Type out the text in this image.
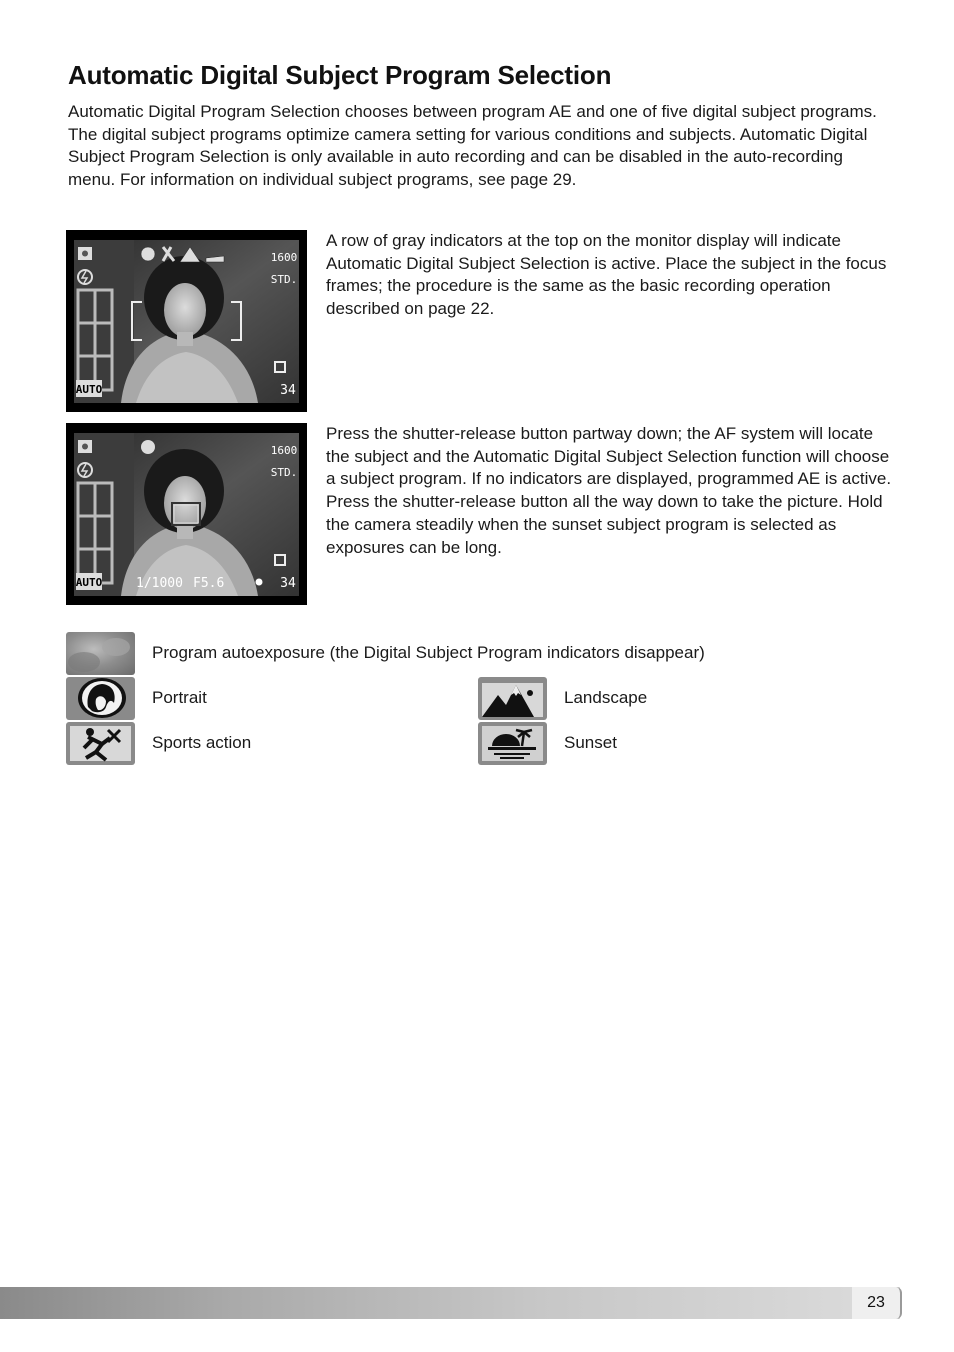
Automatic Digital Subject Program Selection

Automatic Digital Program Selection chooses between program AE and one of five digital subject programs. The digital subject programs optimize camera setting for various conditions and subjects. Automatic Digital Subject Program Selection is only available in auto recording and can be disabled in the auto-recording menu. For information on individual subject programs, see page 29.

AUTO
1600
STD.
34

A row of gray indicators at the top on the monitor display will indicate Automatic Digital Subject Selection is active. Place the subject in the focus frames; the procedure is the same as the basic recording operation described on page 22.

AUTO
1600
STD.
1/1000 F5.6	34

Press the shutter-release button partway down; the AF system will locate the subject and the Automatic Digital Subject Selection function will choose a subject program. If no indicators are displayed, programmed AE is active. Press the shutter-release button all the way down to take the picture. Hold the camera steadily when the sunset subject program is selected as exposures can be long.

Program autoexposure (the Digital Subject Program indicators disappear)
Portrait	Landscape
Sports action	Sunset
23
